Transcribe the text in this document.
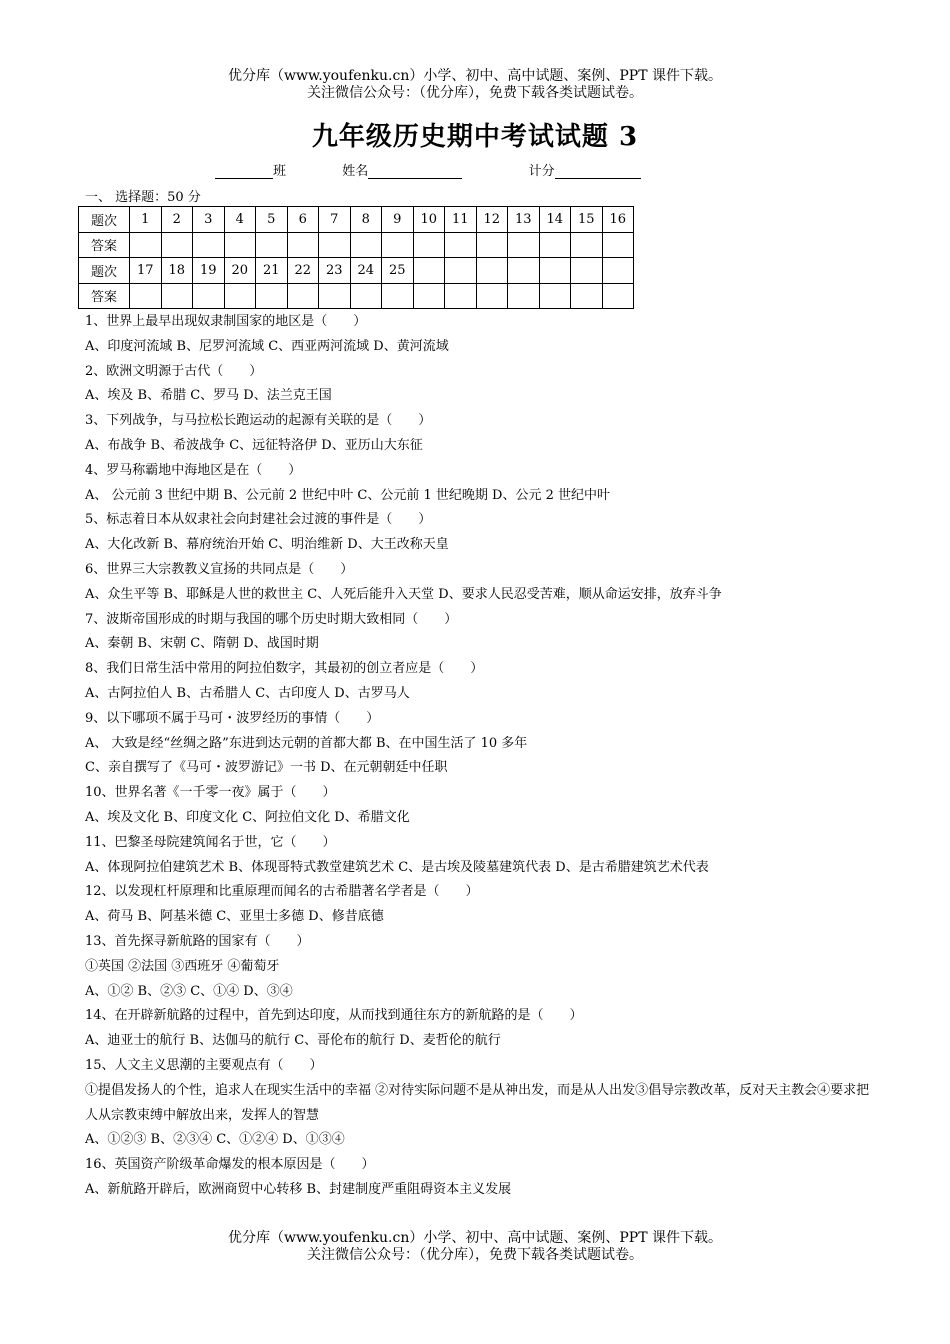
优分库（www.youfenku.cn）小学、初中、高中试题、案例、PPT 课件下载。
关注微信公众号：（优分库），免费下载各类试题试卷。
九年级历史期中考试试题 3
班	姓名	计分
一、 选择题：50 分
题次	1	2	3	4	5	6	7	8	9	10	11	12	13	14	15	16
答案																
题次	17	18	19	20	21	22	23	24	25							
答案																
1、世界上最早出现奴隶制国家的地区是（　　）
A、印度河流域 B、尼罗河流域 C、西亚两河流域 D、黄河流域
2、欧洲文明源于古代（　　）
A、埃及 B、希腊 C、罗马 D、法兰克王国
3、下列战争，与马拉松长跑运动的起源有关联的是（　　）
A、布战争 B、希波战争 C、远征特洛伊 D、亚历山大东征
4、罗马称霸地中海地区是在（　　）
A、 公元前 3 世纪中期 B、公元前 2 世纪中叶 C、公元前 1 世纪晚期 D、公元 2 世纪中叶
5、标志着日本从奴隶社会向封建社会过渡的事件是（　　）
A、大化改新 B、幕府统治开始 C、明治维新 D、大王改称天皇
6、世界三大宗教教义宣扬的共同点是（　　）
A、众生平等 B、耶稣是人世的救世主 C、人死后能升入天堂 D、要求人民忍受苦难，顺从命运安排，放弃斗争
7、波斯帝国形成的时期与我国的哪个历史时期大致相同（　　）
A、秦朝 B、宋朝 C、隋朝 D、战国时期
8、我们日常生活中常用的阿拉伯数字，其最初的创立者应是（　　）
A、古阿拉伯人 B、古希腊人 C、古印度人 D、古罗马人
9、以下哪项不属于马可・波罗经历的事情（　　）
A、 大致是经“丝绸之路”东进到达元朝的首都大都 B、在中国生活了 10 多年
C、亲自撰写了《马可・波罗游记》一书 D、在元朝朝廷中任职
10、世界名著《一千零一夜》属于（　　）
A、埃及文化 B、印度文化 C、阿拉伯文化 D、希腊文化
11、巴黎圣母院建筑闻名于世，它（　　）
A、体现阿拉伯建筑艺术 B、体现哥特式教堂建筑艺术 C、是古埃及陵墓建筑代表 D、是古希腊建筑艺术代表
12、以发现杠杆原理和比重原理而闻名的古希腊著名学者是（　　）
A、荷马 B、阿基米德 C、亚里士多德 D、修昔底德
13、首先探寻新航路的国家有（　　）
①英国 ②法国 ③西班牙 ④葡萄牙
A、①② B、②③ C、①④ D、③④
14、在开辟新航路的过程中，首先到达印度，从而找到通往东方的新航路的是（　　）
A、迪亚士的航行 B、达伽马的航行 C、哥伦布的航行 D、麦哲伦的航行
15、人文主义思潮的主要观点有（　　）
①提倡发扬人的个性，追求人在现实生活中的幸福 ②对待实际问题不是从神出发，而是从人出发③倡导宗教改革，反对天主教会④要求把人从宗教束缚中解放出来，发挥人的智慧
A、①②③ B、②③④ C、①②④ D、①③④
16、英国资产阶级革命爆发的根本原因是（　　）
A、新航路开辟后，欧洲商贸中心转移 B、封建制度严重阻碍资本主义发展
优分库（www.youfenku.cn）小学、初中、高中试题、案例、PPT 课件下载。
关注微信公众号：（优分库），免费下载各类试题试卷。
